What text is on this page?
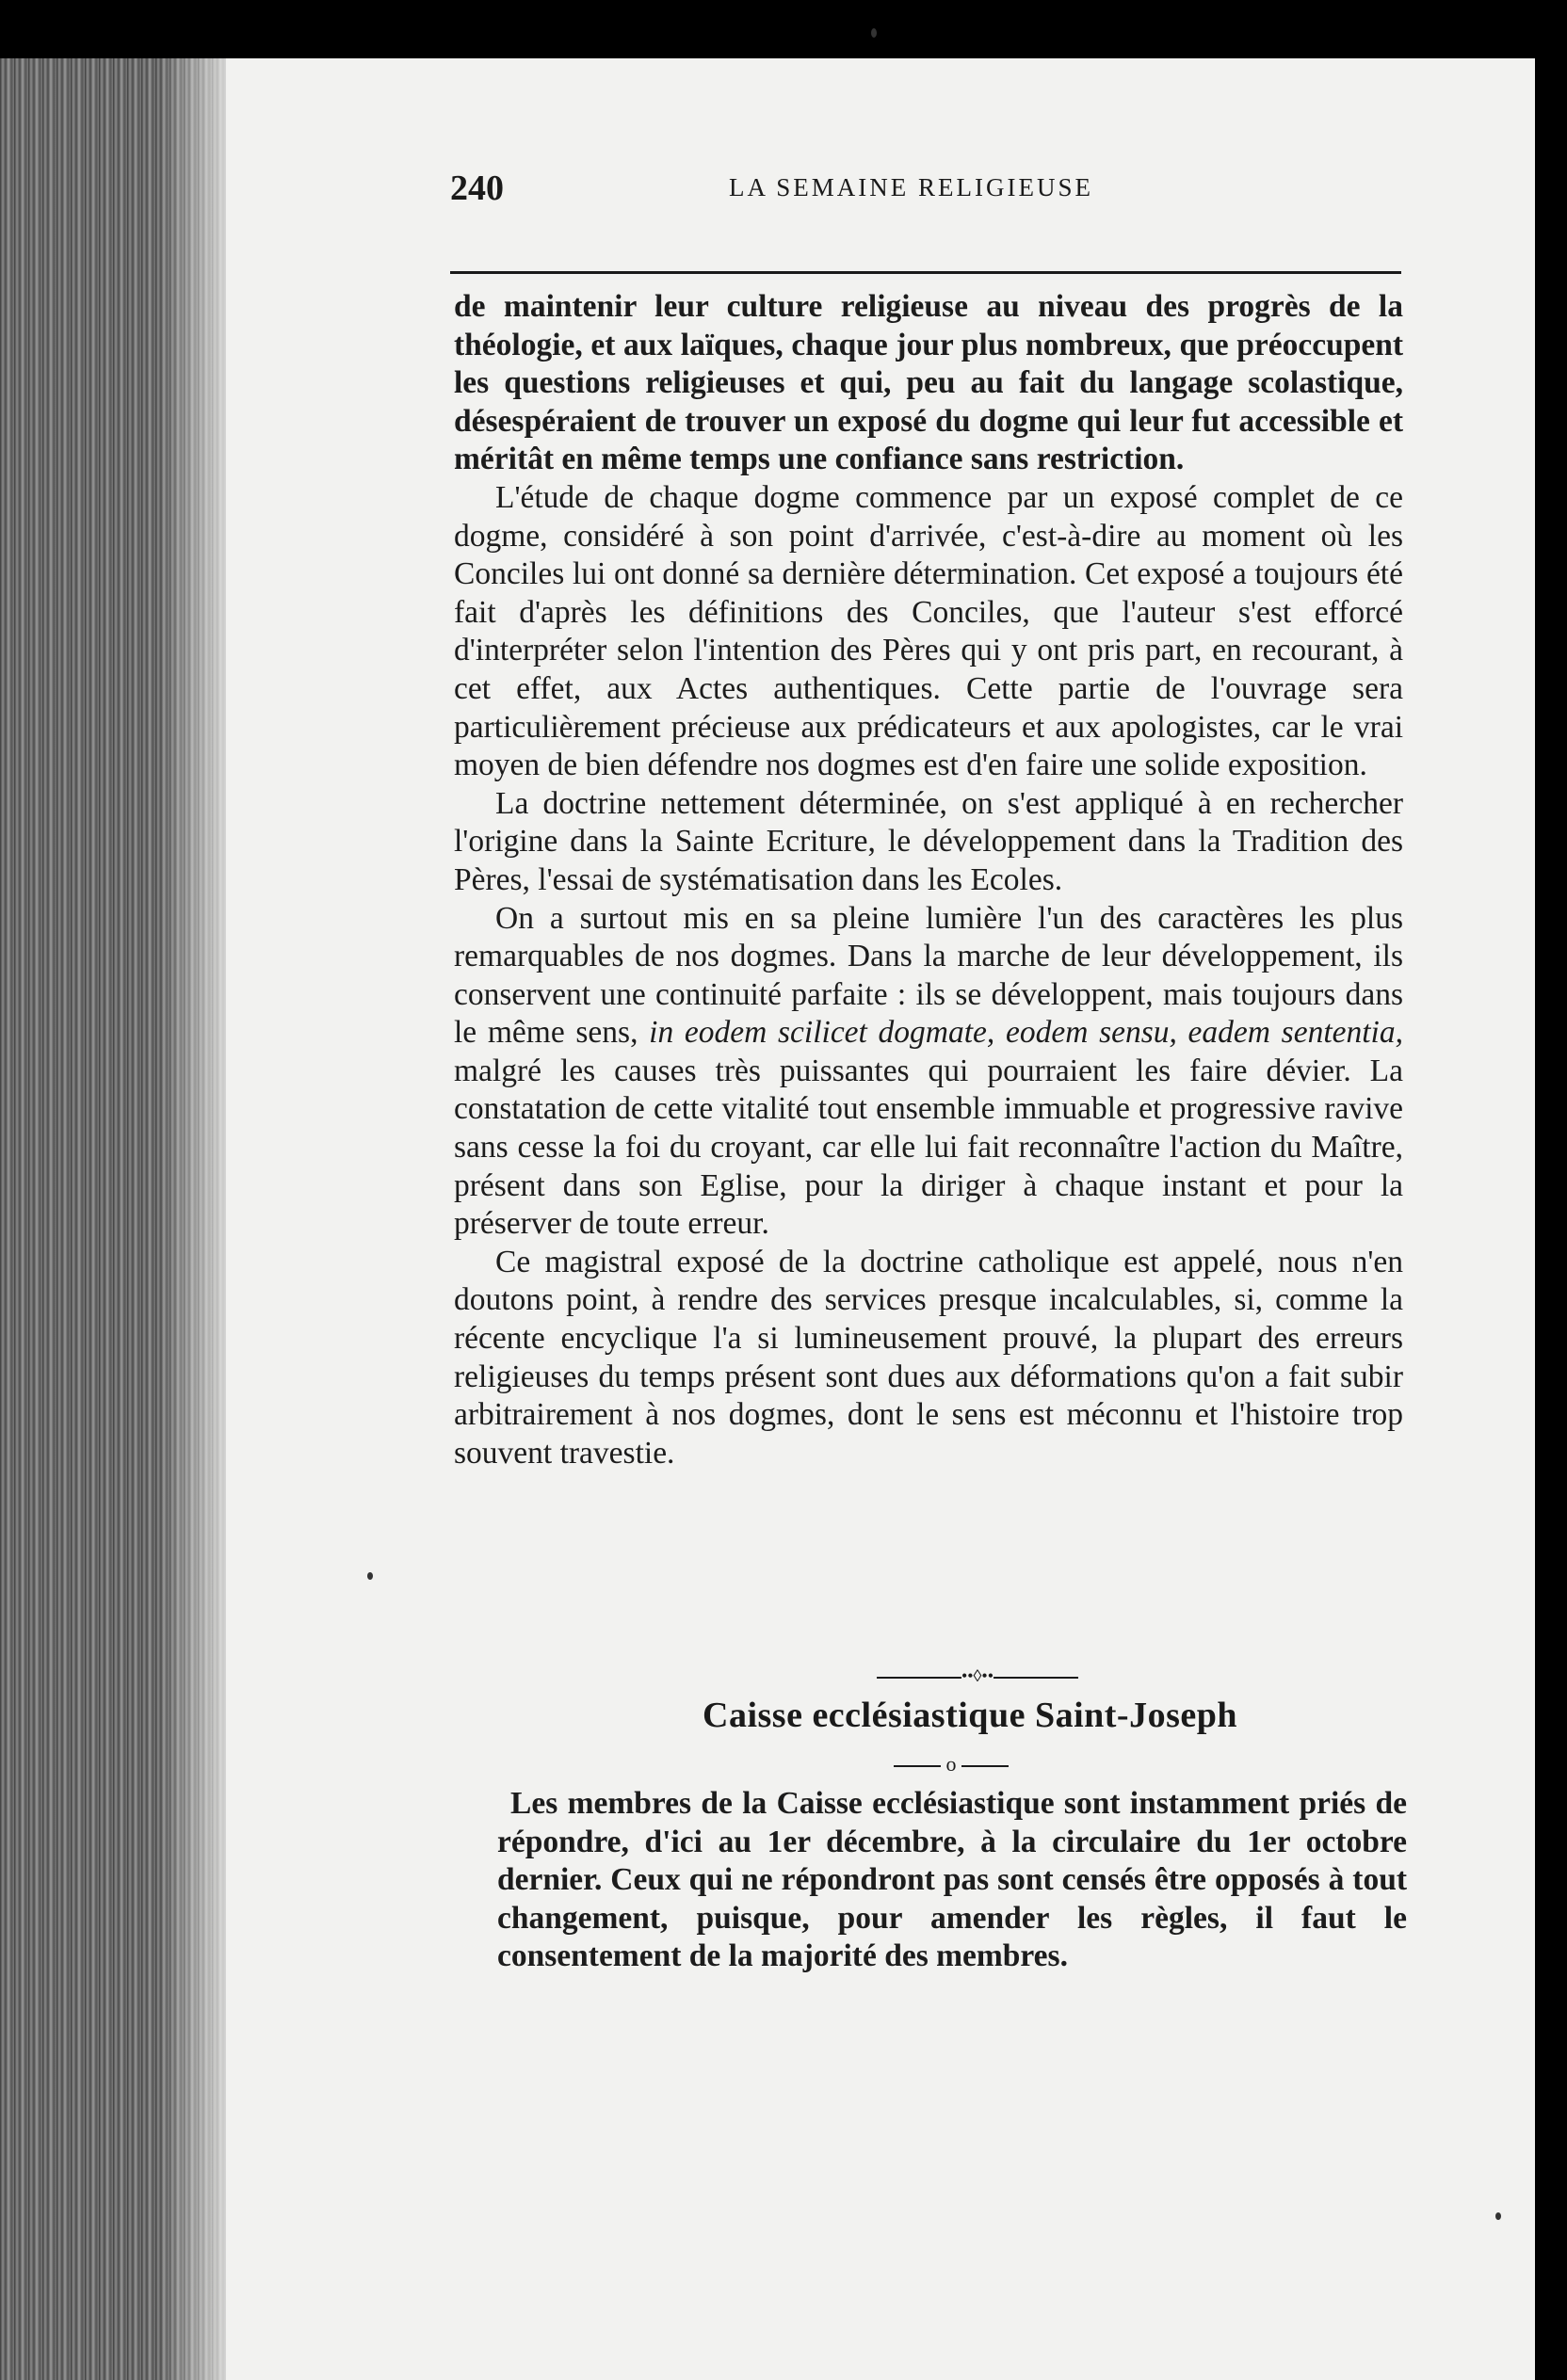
240	LA SEMAINE RELIGIEUSE

de maintenir leur culture religieuse au niveau des progrès de la théologie, et aux laïques, chaque jour plus nombreux, que préoccupent les questions religieuses et qui, peu au fait du langage scolastique, désespéraient de trouver un exposé du dogme qui leur fut accessible et méritât en même temps une confiance sans restriction.

L'étude de chaque dogme commence par un exposé complet de ce dogme, considéré à son point d'arrivée, c'est-à-dire au moment où les Conciles lui ont donné sa dernière détermination. Cet exposé a toujours été fait d'après les définitions des Conciles, que l'auteur s'est efforcé d'interpréter selon l'intention des Pères qui y ont pris part, en recourant, à cet effet, aux Actes authentiques. Cette partie de l'ouvrage sera particulièrement précieuse aux prédicateurs et aux apologistes, car le vrai moyen de bien défendre nos dogmes est d'en faire une solide exposition.

La doctrine nettement déterminée, on s'est appliqué à en rechercher l'origine dans la Sainte Ecriture, le développement dans la Tradition des Pères, l'essai de systématisation dans les Ecoles.

On a surtout mis en sa pleine lumière l'un des caractères les plus remarquables de nos dogmes. Dans la marche de leur développement, ils conservent une continuité parfaite : ils se développent, mais toujours dans le même sens, in eodem scilicet dogmate, eodem sensu, eadem sententia, malgré les causes très puissantes qui pourraient les faire dévier. La constatation de cette vitalité tout ensemble immuable et progressive ravive sans cesse la foi du croyant, car elle lui fait reconnaître l'action du Maître, présent dans son Eglise, pour la diriger à chaque instant et pour la préserver de toute erreur.

Ce magistral exposé de la doctrine catholique est appelé, nous n'en doutons point, à rendre des services presque incalculables, si, comme la récente encyclique l'a si lumineusement prouvé, la plupart des erreurs religieuses du temps présent sont dues aux déformations qu'on a fait subir arbitrairement à nos dogmes, dont le sens est méconnu et l'histoire trop souvent travestie.

••◊••
Caisse ecclésiastique Saint-Joseph
o

Les membres de la Caisse ecclésiastique sont instamment priés de répondre, d'ici au 1er décembre, à la circulaire du 1er octobre dernier. Ceux qui ne répondront pas sont censés être opposés à tout changement, puisque, pour amender les règles, il faut le consentement de la majorité des membres.
